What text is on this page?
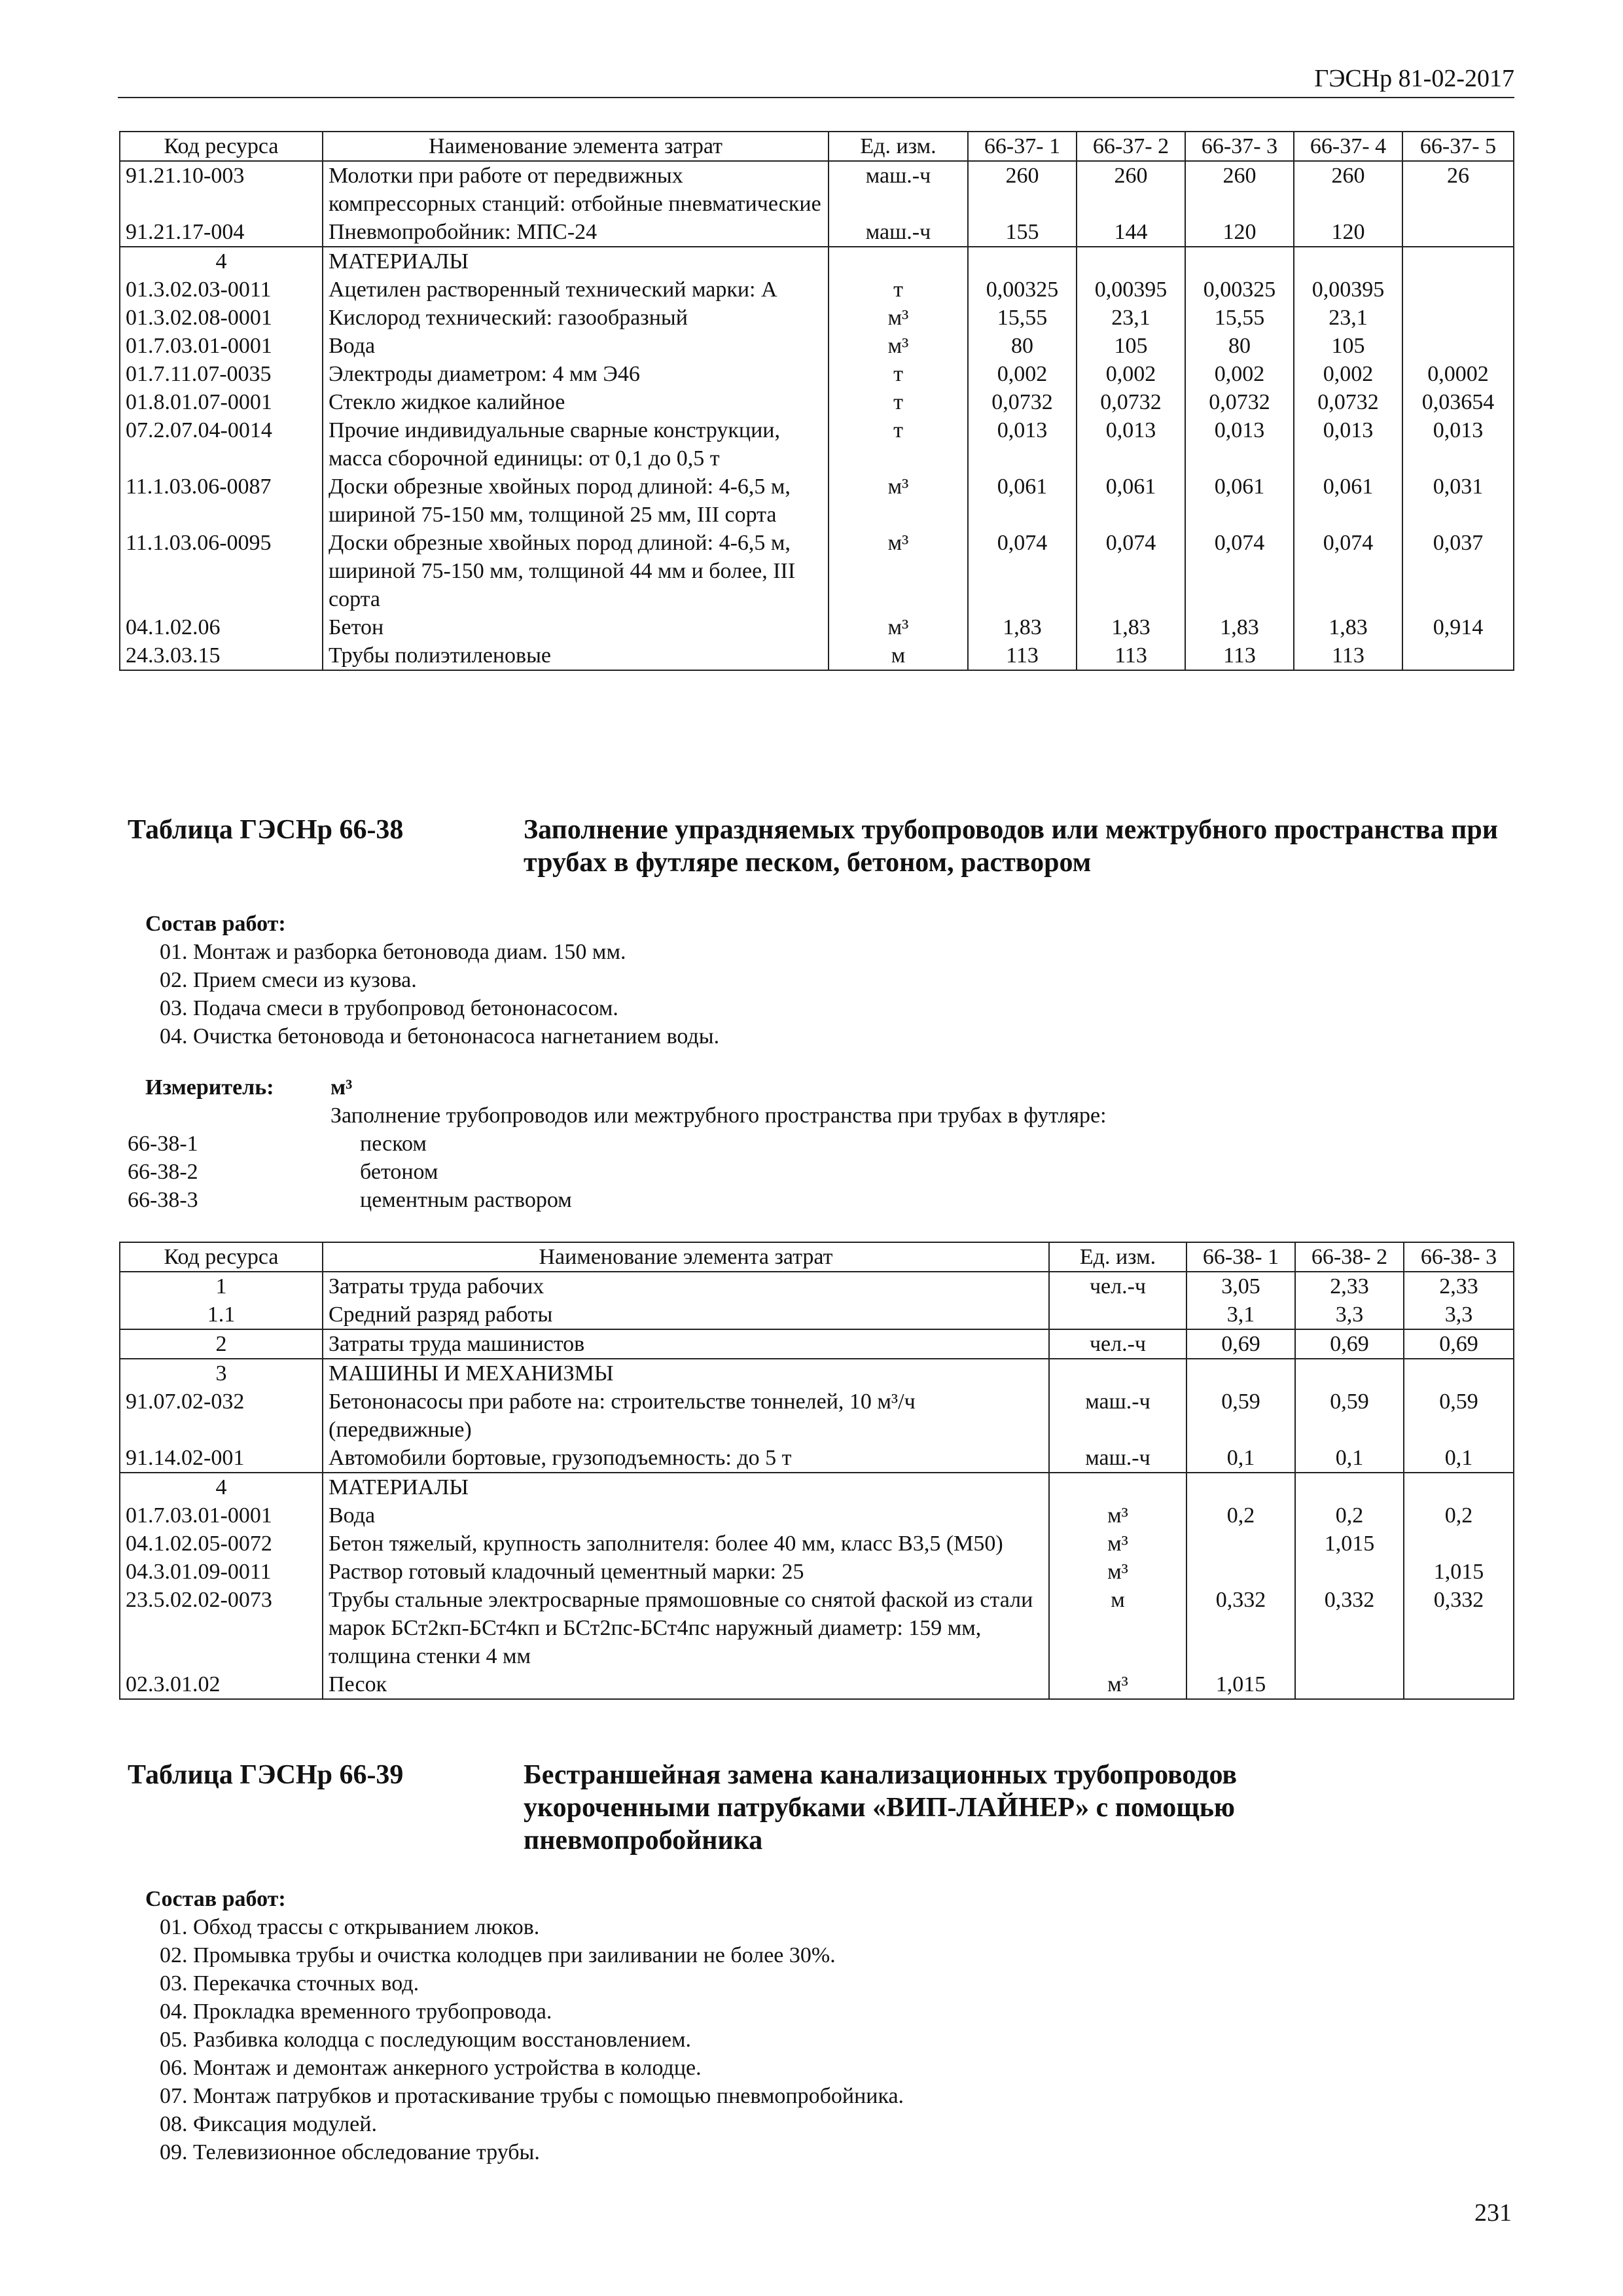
ГЭСНр 81-02-2017
Код ресурса	Наименование элемента затрат	Ед. изм.	66-37- 1	66-37- 2	66-37- 3	66-37- 4	66-37- 5
91.21.10-003	Молотки при работе от передвижных компрессорных станций: отбойные пневматические	маш.-ч	260	260	260	260	26
91.21.17-004	Пневмопробойник: МПС-24	маш.-ч	155	144	120	120	
4	МАТЕРИАЛЫ						
01.3.02.03-0011	Ацетилен растворенный технический марки: А	т	0,00325	0,00395	0,00325	0,00395	
01.3.02.08-0001	Кислород технический: газообразный	м³	15,55	23,1	15,55	23,1	
01.7.03.01-0001	Вода	м³	80	105	80	105	
01.7.11.07-0035	Электроды диаметром: 4 мм Э46	т	0,002	0,002	0,002	0,002	0,0002
01.8.01.07-0001	Стекло жидкое калийное	т	0,0732	0,0732	0,0732	0,0732	0,03654
07.2.07.04-0014	Прочие индивидуальные сварные конструкции, масса сборочной единицы: от 0,1 до 0,5 т	т	0,013	0,013	0,013	0,013	0,013
11.1.03.06-0087	Доски обрезные хвойных пород длиной: 4-6,5 м, шириной 75-150 мм, толщиной 25 мм, III сорта	м³	0,061	0,061	0,061	0,061	0,031
11.1.03.06-0095	Доски обрезные хвойных пород длиной: 4-6,5 м, шириной 75-150 мм, толщиной 44 мм и более, III сорта	м³	0,074	0,074	0,074	0,074	0,037
04.1.02.06	Бетон	м³	1,83	1,83	1,83	1,83	0,914
24.3.03.15	Трубы полиэтиленовые	м	113	113	113	113	
Таблица ГЭСНр 66-38	Заполнение упраздняемых трубопроводов или межтрубного пространства при трубах в футляре песком, бетоном, раствором
Состав работ:
01. Монтаж и разборка бетоновода диам. 150 мм.
02. Прием смеси из кузова.
03. Подача смеси в трубопровод бетононасосом.
04. Очистка бетоновода и бетононасоса нагнетанием воды.
Измеритель:	м³
Заполнение трубопроводов или межтрубного пространства при трубах в футляре:
66-38-1	песком
66-38-2	бетоном
66-38-3	цементным раствором
Код ресурса	Наименование элемента затрат	Ед. изм.	66-38- 1	66-38- 2	66-38- 3
1	Затраты труда рабочих	чел.-ч	3,05	2,33	2,33
1.1	Средний разряд работы		3,1	3,3	3,3
2	Затраты труда машинистов	чел.-ч	0,69	0,69	0,69
3	МАШИНЫ И МЕХАНИЗМЫ				
91.07.02-032	Бетононасосы при работе на: строительстве тоннелей, 10 м³/ч (передвижные)	маш.-ч	0,59	0,59	0,59
91.14.02-001	Автомобили бортовые, грузоподъемность: до 5 т	маш.-ч	0,1	0,1	0,1
4	МАТЕРИАЛЫ				
01.7.03.01-0001	Вода	м³	0,2	0,2	0,2
04.1.02.05-0072	Бетон тяжелый, крупность заполнителя: более 40 мм, класс В3,5 (М50)	м³		1,015	
04.3.01.09-0011	Раствор готовый кладочный цементный марки: 25	м³			1,015
23.5.02.02-0073	Трубы стальные электросварные прямошовные со снятой фаской из стали марок БСт2кп-БСт4кп и БСт2пс-БСт4пс наружный диаметр: 159 мм, толщина стенки 4 мм	м	0,332	0,332	0,332
02.3.01.02	Песок	м³	1,015		
Таблица ГЭСНр 66-39	Бестраншейная замена канализационных трубопроводов укороченными патрубками «ВИП-ЛАЙНЕР» с помощью пневмопробойника
Состав работ:
01. Обход трассы с открыванием люков.
02. Промывка трубы и очистка колодцев при заиливании не более 30%.
03. Перекачка сточных вод.
04. Прокладка временного трубопровода.
05. Разбивка колодца с последующим восстановлением.
06. Монтаж и демонтаж анкерного устройства в колодце.
07. Монтаж патрубков и протаскивание трубы с помощью пневмопробойника.
08. Фиксация модулей.
09. Телевизионное обследование трубы.
231
